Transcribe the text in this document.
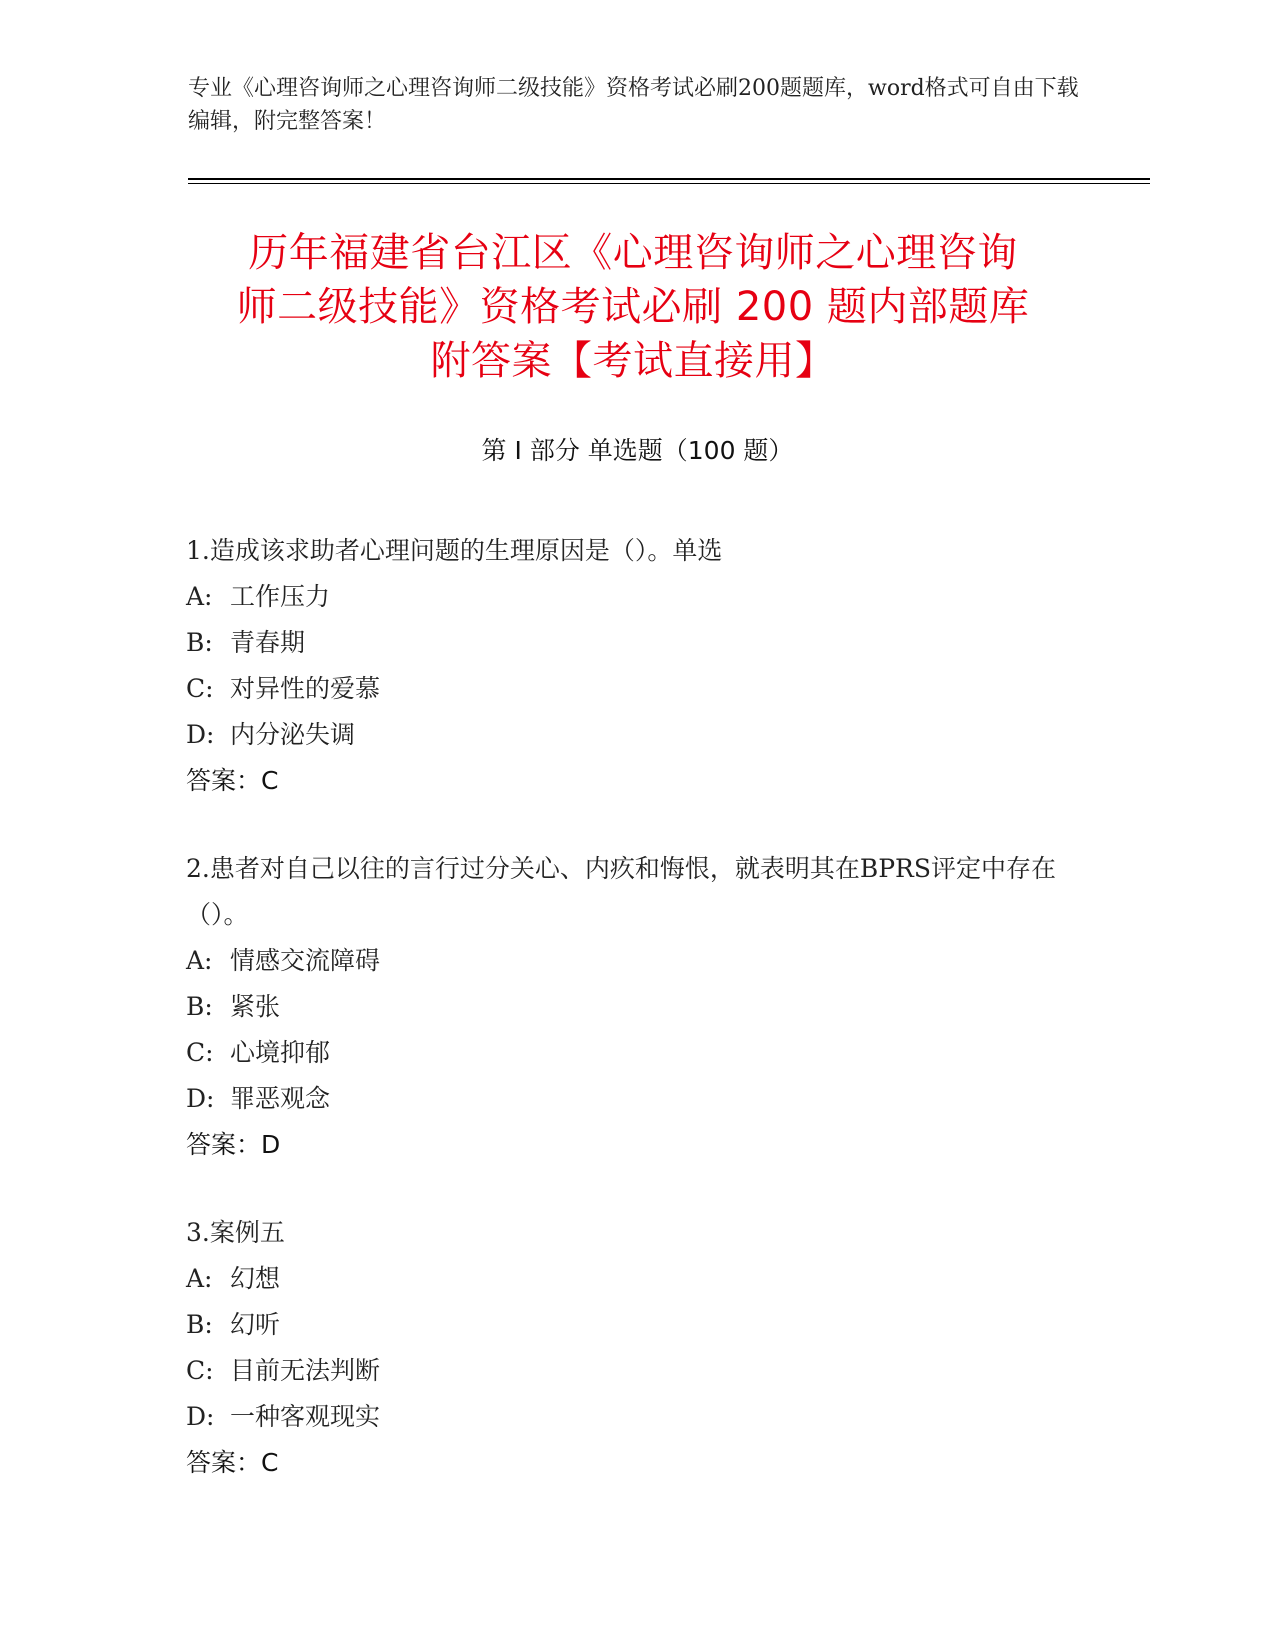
专业《心理咨询师之心理咨询师二级技能》资格考试必刷200题题库，word格式可自由下载编辑，附完整答案！
历年福建省台江区《心理咨询师之心理咨询
师二级技能》资格考试必刷 200 题内部题库
附答案【考试直接用】
第 I 部分 单选题（100 题）
1.造成该求助者心理问题的生理原因是（）。单选
A: 工作压力
B: 青春期
C: 对异性的爱慕
D: 内分泌失调
答案：C
2.患者对自己以往的言行过分关心、内疚和悔恨，就表明其在BPRS评定中存在（）。
A: 情感交流障碍
B: 紧张
C: 心境抑郁
D: 罪恶观念
答案：D
3.案例五
A: 幻想
B: 幻听
C: 目前无法判断
D: 一种客观现实
答案：C
